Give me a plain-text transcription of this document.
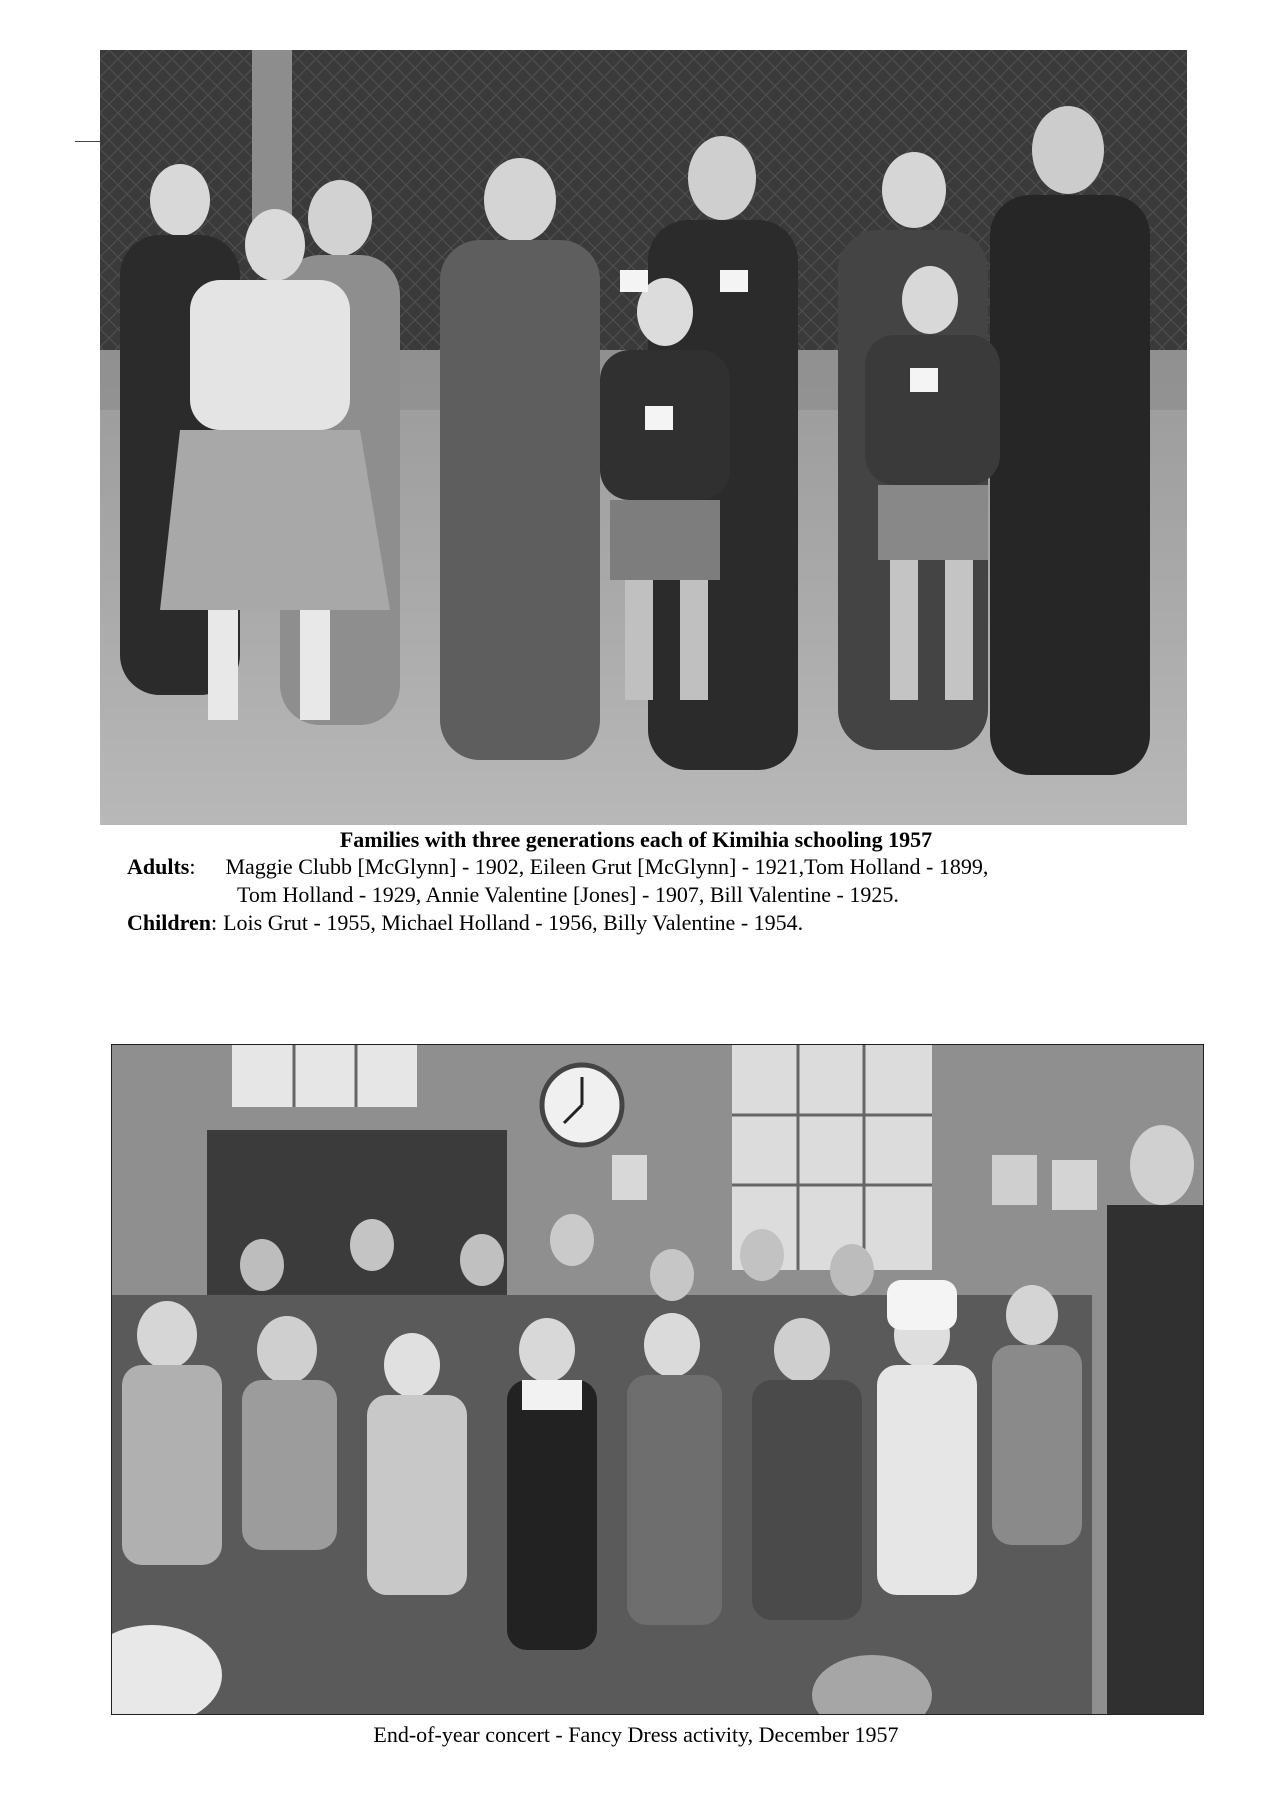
Families with three generations each of Kimihia schooling 1957
Adults: Maggie Clubb [McGlynn] - 1902, Eileen Grut [McGlynn] - 1921,Tom Holland - 1899,
Tom Holland - 1929, Annie Valentine [Jones] - 1907, Bill Valentine - 1925.
Children: Lois Grut - 1955, Michael Holland - 1956, Billy Valentine - 1954.
End-of-year concert - Fancy Dress activity, December 1957
